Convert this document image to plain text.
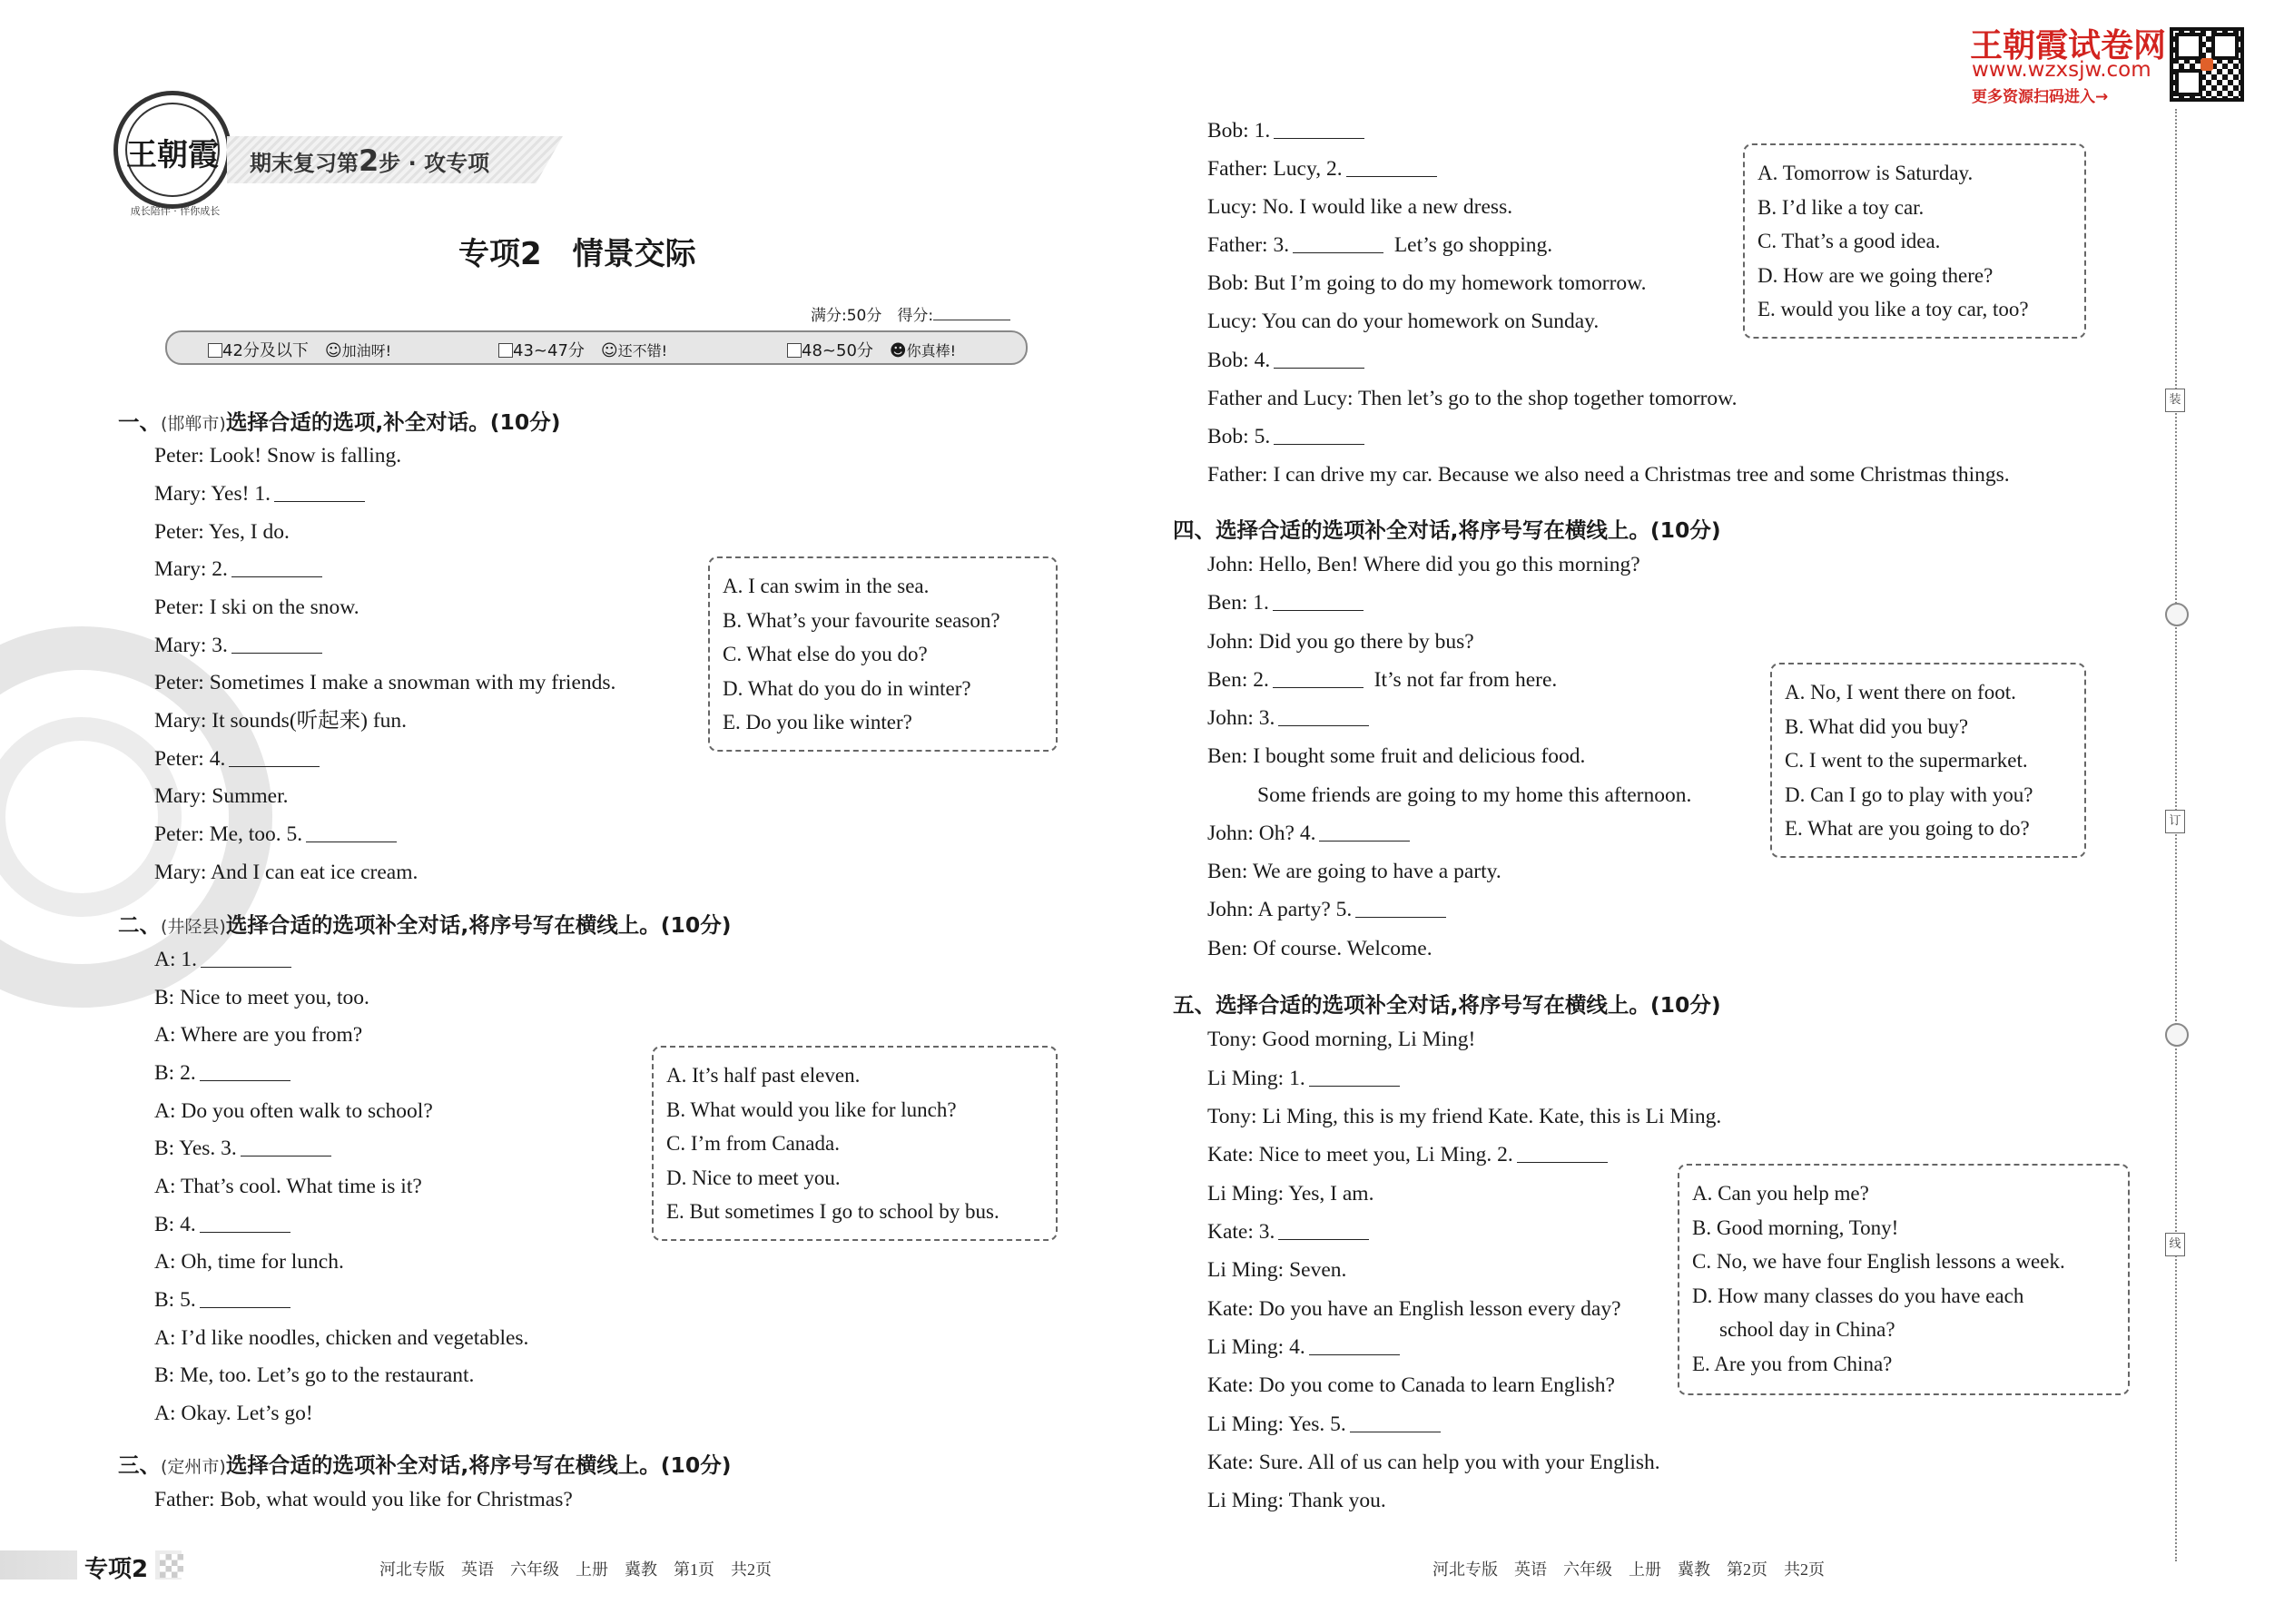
王朝霞
成长陪伴 · 伴你成长
期末复习第2步 · 攻专项
专项2　情景交际
满分:50分　 得分:
42分及以下　 ☺加油呀!	43~47分　 ☺还不错!	48~50分　 ☻你真棒!
王朝霞试卷网
www.wzxsjw.com
更多资源扫码进入→
装
订
线
一、(邯郸市)选择合适的选项,补全对话。(10分)
Peter: Look! Snow is falling.
Mary: Yes! 1.
Peter: Yes, I do.
Mary: 2.
Peter: I ski on the snow.
Mary: 3.
Peter: Sometimes I make a snowman with my friends.
Mary: It sounds(听起来) fun.
Peter: 4.
Mary: Summer.
Peter: Me, too. 5.
Mary: And I can eat ice cream.
A. I can swim in the sea.
B. What’s your favourite season?
C. What else do you do?
D. What do you do in winter?
E. Do you like winter?
二、(井陉县)选择合适的选项补全对话,将序号写在横线上。(10分)
A: 1.
B: Nice to meet you, too.
A: Where are you from?
B: 2.
A: Do you often walk to school?
B: Yes. 3.
A: That’s cool. What time is it?
B: 4.
A: Oh, time for lunch.
B: 5.
A: I’d like noodles, chicken and vegetables.
B: Me, too. Let’s go to the restaurant.
A: Okay. Let’s go!
A. It’s half past eleven.
B. What would you like for lunch?
C. I’m from Canada.
D. Nice to meet you.
E. But sometimes I go to school by bus.
三、(定州市)选择合适的选项补全对话,将序号写在横线上。(10分)
Father: Bob, what would you like for Christmas?
Bob: 1.
Father: Lucy, 2.
Lucy: No. I would like a new dress.
Father: 3.	Let’s go shopping.
Bob: But I’m going to do my homework tomorrow.
Lucy: You can do your homework on Sunday.
Bob: 4.
Father and Lucy: Then let’s go to the shop together tomorrow.
Bob: 5.
Father: I can drive my car. Because we also need a Christmas tree and some Christmas things.
A. Tomorrow is Saturday.
B. I’d like a toy car.
C. That’s a good idea.
D. How are we going there?
E. would you like a toy car, too?
四、选择合适的选项补全对话,将序号写在横线上。(10分)
John: Hello, Ben! Where did you go this morning?
Ben: 1.
John: Did you go there by bus?
Ben: 2.	It’s not far from here.
John: 3.
Ben: I bought some fruit and delicious food.
Some friends are going to my home this afternoon.
John: Oh? 4.
Ben: We are going to have a party.
John: A party? 5.
Ben: Of course. Welcome.
A. No, I went there on foot.
B. What did you buy?
C. I went to the supermarket.
D. Can I go to play with you?
E. What are you going to do?
五、选择合适的选项补全对话,将序号写在横线上。(10分)
Tony: Good morning, Li Ming!
Li Ming: 1.
Tony: Li Ming, this is my friend Kate. Kate, this is Li Ming.
Kate: Nice to meet you, Li Ming. 2.
Li Ming: Yes, I am.
Kate: 3.
Li Ming: Seven.
Kate: Do you have an English lesson every day?
Li Ming: 4.
Kate: Do you come to Canada to learn English?
Li Ming: Yes. 5.
Kate: Sure. All of us can help you with your English.
Li Ming: Thank you.
A. Can you help me?
B. Good morning, Tony!
C. No, we have four English lessons a week.
D. How many classes do you have each
school day in China?
E. Are you from China?
专项2	河北专版　英语　六年级　上册　冀教　第1页　共2页	河北专版　英语　六年级　上册　冀教　第2页　共2页
